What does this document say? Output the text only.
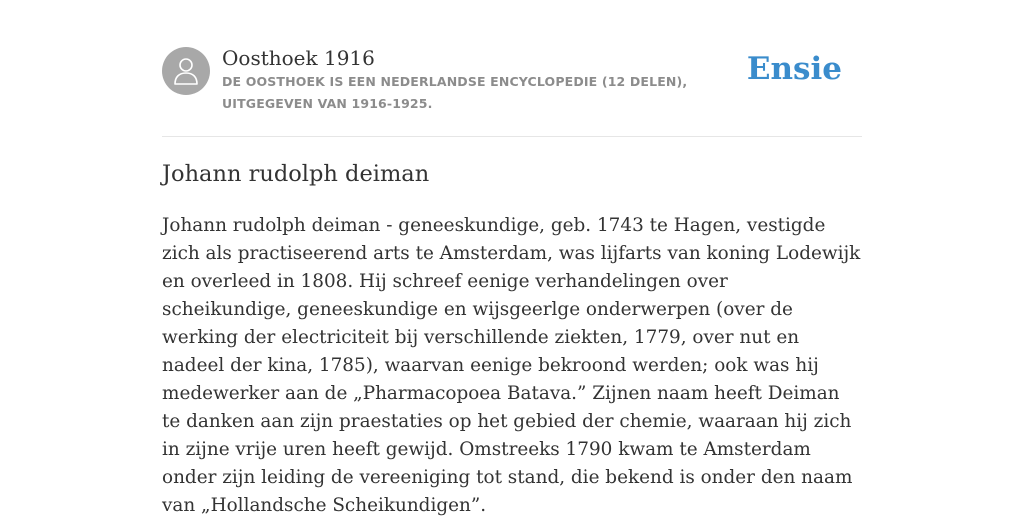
Oosthoek 1916
DE OOSTHOEK IS EEN NEDERLANDSE ENCYCLOPEDIE (12 DELEN), UITGEGEVEN VAN 1916-1925.
Ensie
Johann rudolph deiman

Johann rudolph deiman - geneeskundige, geb. 1743 te Hagen, vestigde zich als practiseerend arts te Amsterdam, was lijfarts van koning Lodewijk en overleed in 1808. Hij schreef eenige verhandelingen over scheikundige, geneeskundige en wijsgeerlge onderwerpen (over de werking der electriciteit bij verschillende ziekten, 1779, over nut en nadeel der kina, 1785), waarvan eenige bekroond werden; ook was hij medewerker aan de „Pharmacopoea Batava.” Zijnen naam heeft Deiman te danken aan zijn praestaties op het gebied der chemie, waaraan hij zich in zijne vrije uren heeft gewijd. Omstreeks 1790 kwam te Amsterdam onder zijn leiding de vereeniging tot stand, die bekend is onder den naam van „Hollandsche Scheikundigen”.
